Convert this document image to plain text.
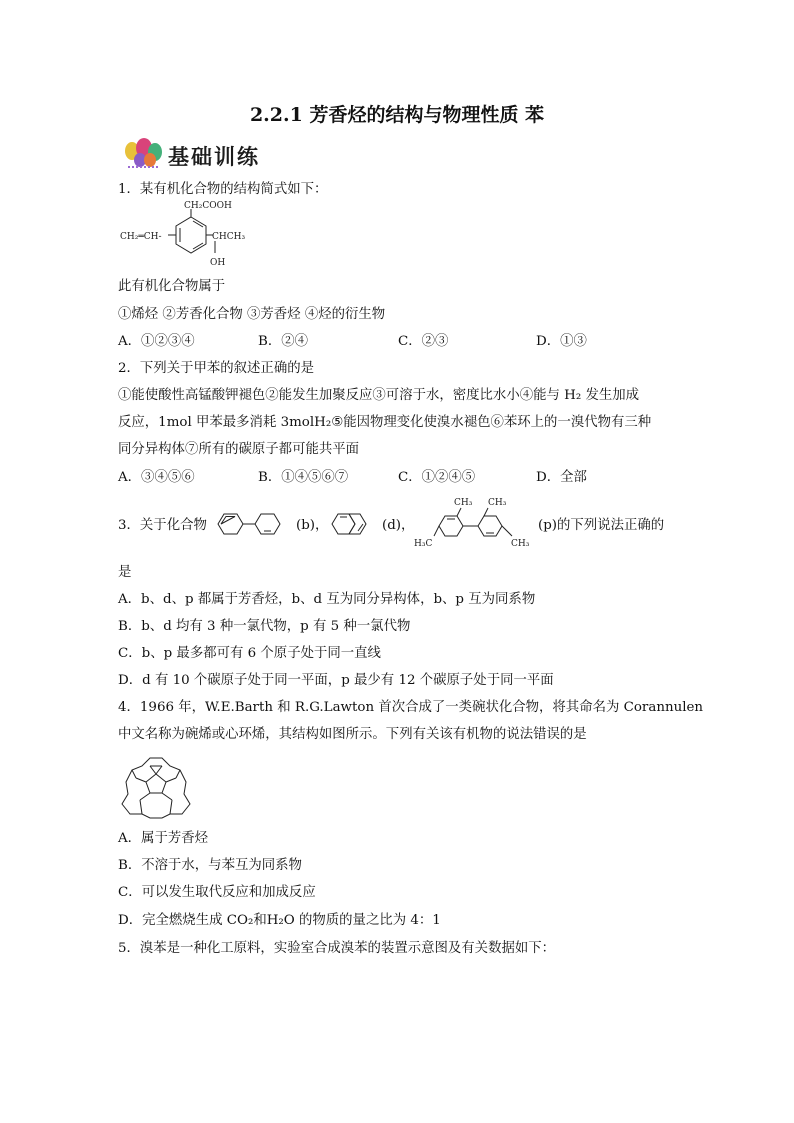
2.2.1 芳香烃的结构与物理性质 苯
基础训练
1．某有机化合物的结构简式如下：
CH₂COOH
CH₂═CH-	CHCH₃
OH
此有机化合物属于
①烯烃 ②芳香化合物 ③芳香烃 ④烃的衍生物
A．①②③④	B．②④	C．②③	D．①③
2．下列关于甲苯的叙述正确的是
①能使酸性高锰酸钾褪色②能发生加聚反应③可溶于水，密度比水小④能与 H₂ 发生加成
反应，1mol 甲苯最多消耗 3molH₂⑤能因物理变化使溴水褪色⑥苯环上的一溴代物有三种
同分异构体⑦所有的碳原子都可能共平面
A．③④⑤⑥	B．①④⑤⑥⑦	C．①②④⑤	D．全部
3．关于化合物	(b)，	(d)，
CH₃ CH₃
H₃C	CH₃
(p)的下列说法正确的
是
A．b、d、p 都属于芳香烃，b、d 互为同分异构体，b、p 互为同系物
B．b、d 均有 3 种一氯代物，p 有 5 种一氯代物
C．b、p 最多都可有 6 个原子处于同一直线
D．d 有 10 个碳原子处于同一平面，p 最少有 12 个碳原子处于同一平面
4．1966 年，W.E.Barth 和 R.G.Lawton 首次合成了一类碗状化合物，将其命名为 Corannulen
中文名称为碗烯或心环烯，其结构如图所示。下列有关该有机物的说法错误的是
A．属于芳香烃
B．不溶于水，与苯互为同系物
C．可以发生取代反应和加成反应
D．完全燃烧生成 CO₂和H₂O 的物质的量之比为 4：1
5．溴苯是一种化工原料，实验室合成溴苯的装置示意图及有关数据如下：
